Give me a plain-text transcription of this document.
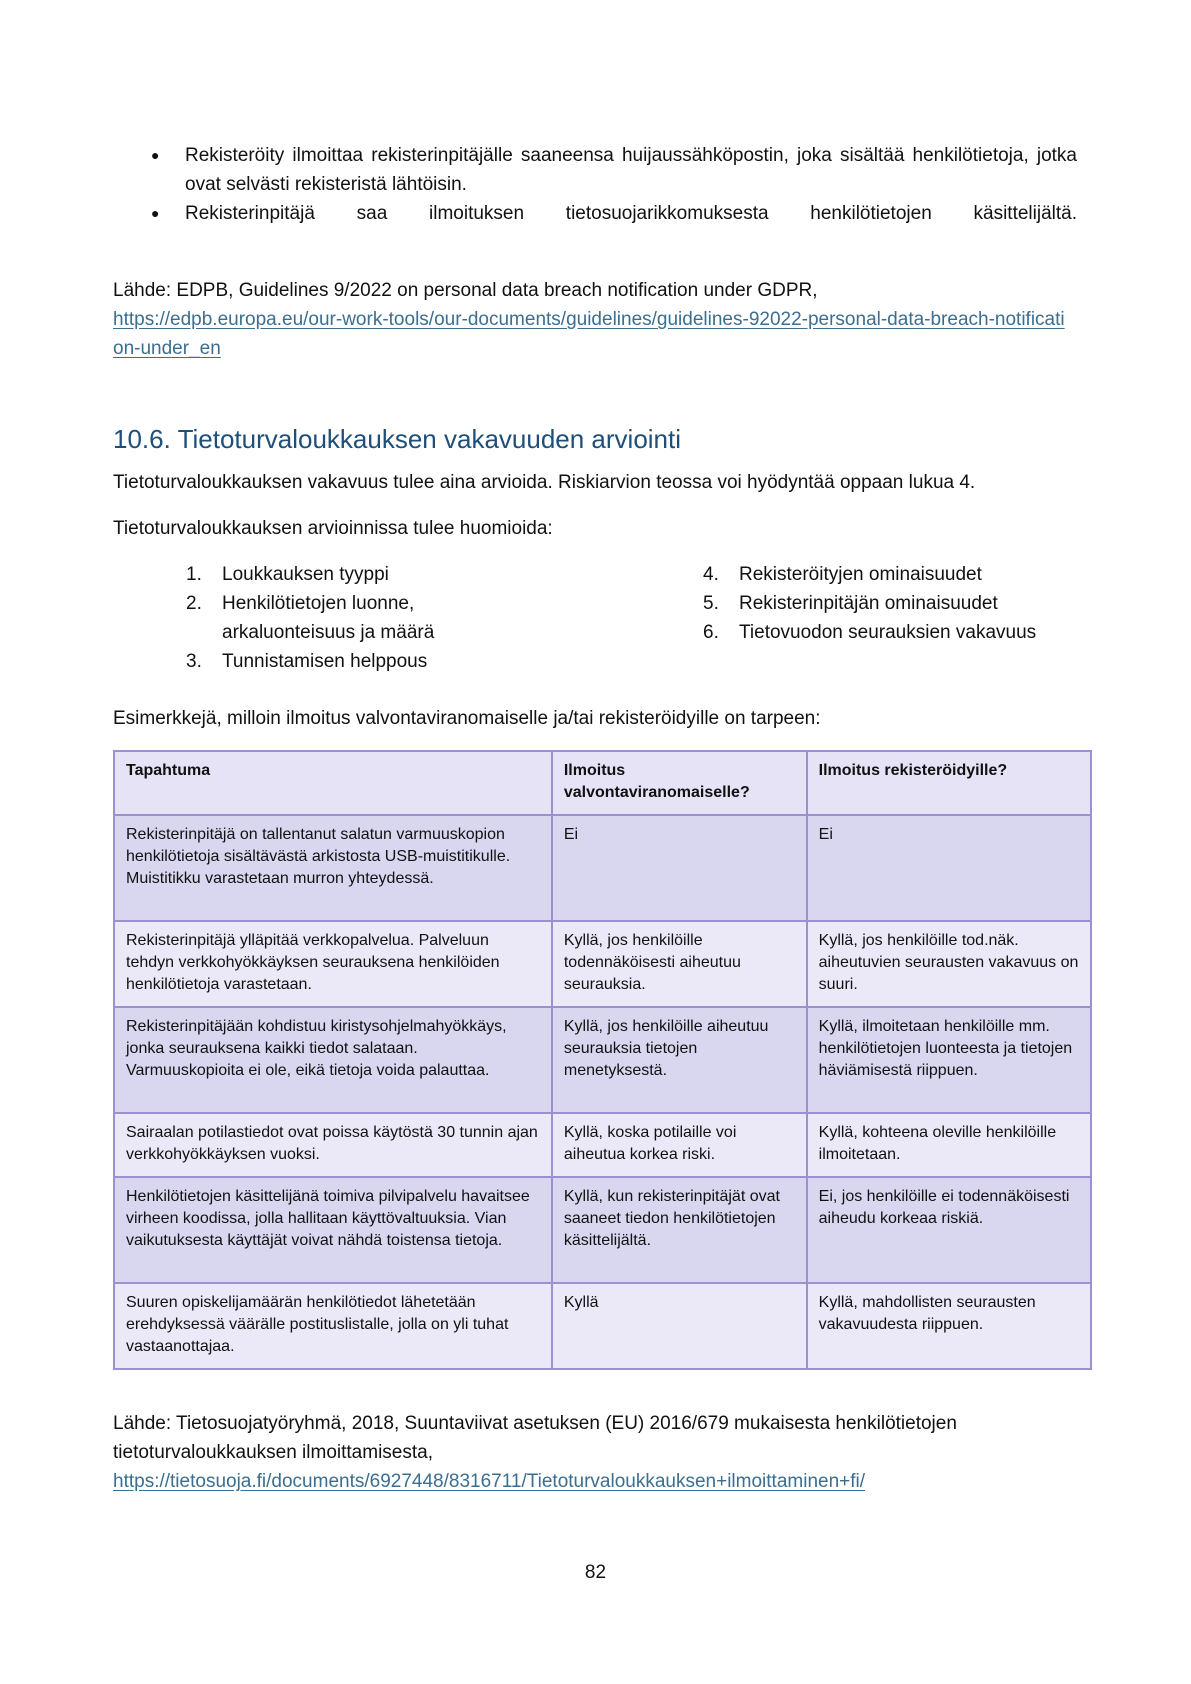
● Rekisteröity ilmoittaa rekisterinpitäjälle saaneensa huijaussähköpostin, joka sisältää henkilötietoja, jotka ovat selvästi rekisteristä lähtöisin.
● Rekisterinpitäjä saa ilmoituksen tietosuojarikkomuksesta henkilötietojen käsittelijältä.
Lähde: EDPB, Guidelines 9/2022 on personal data breach notification under GDPR,
https://edpb.europa.eu/our-work-tools/our-documents/guidelines/guidelines-92022-personal-data-breach-notification-under_en
10.6. Tietoturvaloukkauksen vakavuuden arviointi

Tietoturvaloukkauksen vakavuus tulee aina arvioida. Riskiarvion teossa voi hyödyntää oppaan lukua 4.

Tietoturvaloukkauksen arvioinnissa tulee huomioida:

1. Loukkauksen tyyppi
2. Henkilötietojen luonne, arkaluonteisuus ja määrä
3. Tunnistamisen helppous
4. Rekisteröityjen ominaisuudet
5. Rekisterinpitäjän ominaisuudet
6. Tietovuodon seurauksien vakavuus

Esimerkkejä, milloin ilmoitus valvontaviranomaiselle ja/tai rekisteröidyille on tarpeen:

Tapahtuma	Ilmoitus valvontaviranomaiselle?	Ilmoitus rekisteröidyille?
Rekisterinpitäjä on tallentanut salatun varmuuskopion henkilötietoja sisältävästä arkistosta USB-muistitikulle. Muistitikku varastetaan murron yhteydessä.	Ei	Ei
Rekisterinpitäjä ylläpitää verkkopalvelua. Palveluun tehdyn verkkohyökkäyksen seurauksena henkilöiden henkilötietoja varastetaan.	Kyllä, jos henkilöille todennäköisesti aiheutuu seurauksia.	Kyllä, jos henkilöille tod.näk. aiheutuvien seurausten vakavuus on suuri.
Rekisterinpitäjään kohdistuu kiristysohjelmahyökkäys, jonka seurauksena kaikki tiedot salataan. Varmuuskopioita ei ole, eikä tietoja voida palauttaa.	Kyllä, jos henkilöille aiheutuu seurauksia tietojen menetyksestä.	Kyllä, ilmoitetaan henkilöille mm. henkilötietojen luonteesta ja tietojen häviämisestä riippuen.
Sairaalan potilastiedot ovat poissa käytöstä 30 tunnin ajan verkkohyökkäyksen vuoksi.	Kyllä, koska potilaille voi aiheutua korkea riski.	Kyllä, kohteena oleville henkilöille ilmoitetaan.
Henkilötietojen käsittelijänä toimiva pilvipalvelu havaitsee virheen koodissa, jolla hallitaan käyttövaltuuksia. Vian vaikutuksesta käyttäjät voivat nähdä toistensa tietoja.	Kyllä, kun rekisterinpitäjät ovat saaneet tiedon henkilötietojen käsittelijältä.	Ei, jos henkilöille ei todennäköisesti aiheudu korkeaa riskiä.
Suuren opiskelijamäärän henkilötiedot lähetetään erehdyksessä väärälle postituslistalle, jolla on yli tuhat vastaanottajaa.	Kyllä	Kyllä, mahdollisten seurausten vakavuudesta riippuen.
Lähde: Tietosuojatyöryhmä, 2018, Suuntaviivat asetuksen (EU) 2016/679 mukaisesta henkilötietojen tietoturvaloukkauksen ilmoittamisesta,
https://tietosuoja.fi/documents/6927448/8316711/Tietoturvaloukkauksen+ilmoittaminen+fi/
82
